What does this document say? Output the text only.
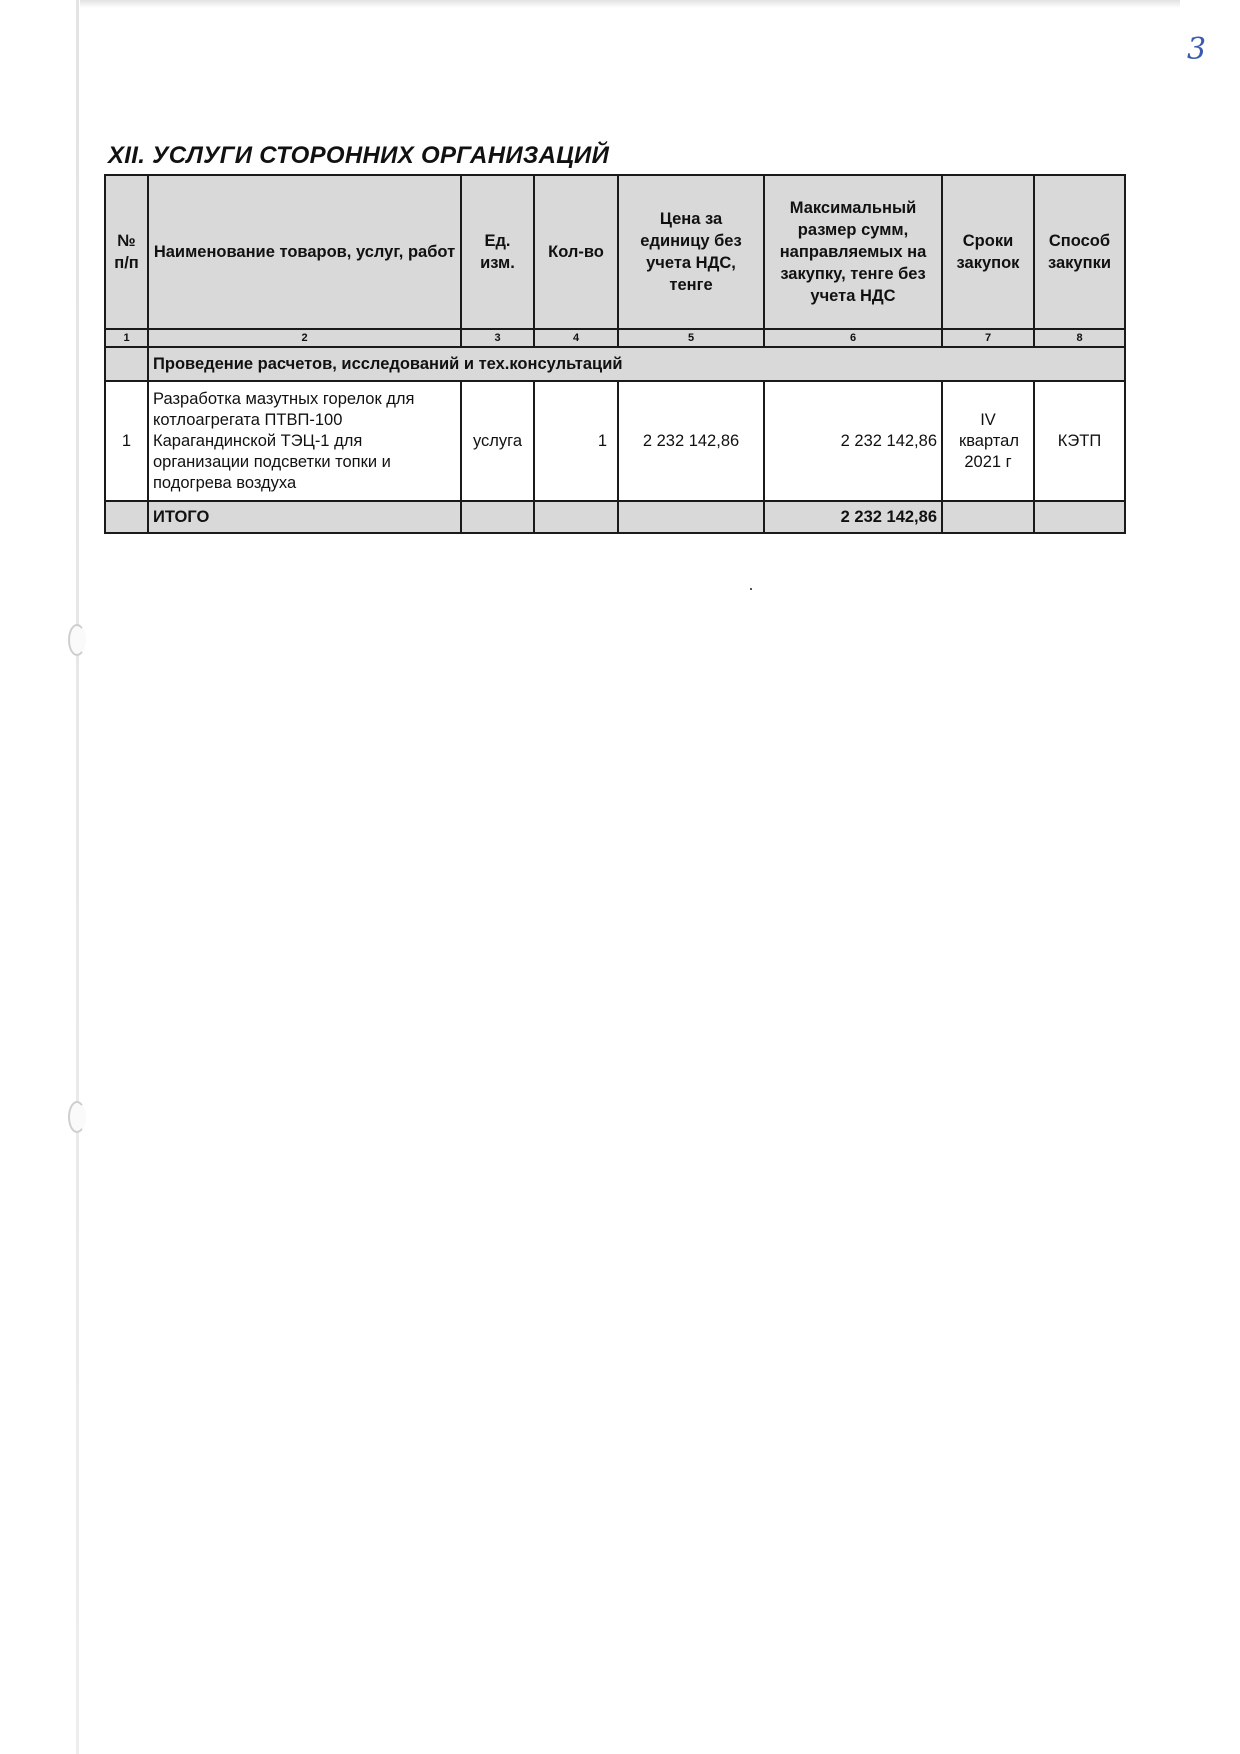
3
XII. УСЛУГИ СТОРОННИХ ОРГАНИЗАЦИЙ
№ п/п	Наименование товаров, услуг, работ	Ед. изм.	Кол-во	Цена за единицу без учета НДС, тенге	Максимальный размер сумм, направляемых на закупку, тенге без учета НДС	Сроки закупок	Способ закупки
1	2	3	4	5	6	7	8
	Проведение расчетов, исследований и тех.консультаций						
1	Разработка мазутных горелок для котлоагрегата ПТВП-100 Карагандинской ТЭЦ-1 для организации подсветки топки и подогрева воздуха	услуга	1	2 232 142,86	2 232 142,86	IV квартал 2021 г	КЭТП
	ИТОГО				2 232 142,86		
